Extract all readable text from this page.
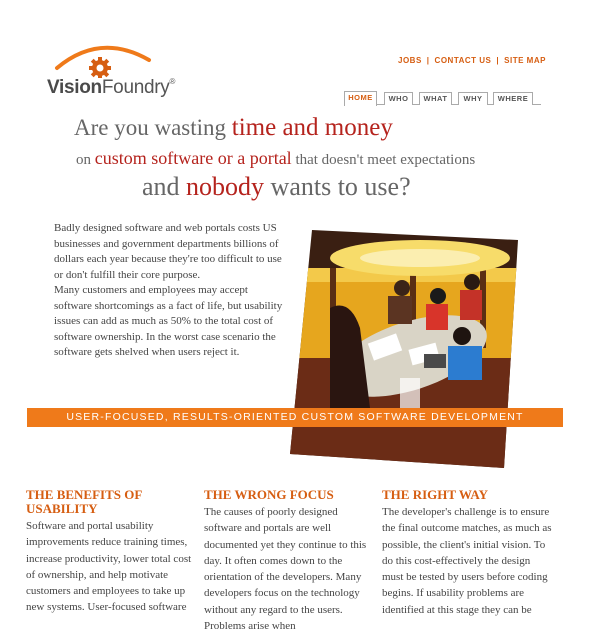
VisionFoundry®
JOBS | CONTACT US | SITE MAP
HOME	WHO	WHAT	WHY	WHERE
Are you wasting time and money
on custom software or a portal that doesn't meet expectations
and nobody wants to use?

Badly designed software and web portals costs US businesses and government departments billions of dollars each year because they're too difficult to use or don't fulfill their core purpose.

Many customers and employees may accept software shortcomings as a fact of life, but usability issues can add as much as 50% to the total cost of software ownership. In the worst case scenario the software gets shelved when users reject it.

USER-FOCUSED, RESULTS-ORIENTED CUSTOM SOFTWARE DEVELOPMENT
THE BENEFITS OF USABILITY
Software and portal usability improvements reduce training times, increase productivity, lower total cost of ownership, and help motivate customers and employees to take up new systems. User-focused software
THE WRONG FOCUS
The causes of poorly designed software and portals are well documented yet they continue to this day. It often comes down to the orientation of the developers. Many developers focus on the technology without any regard to the users. Problems arise when
THE RIGHT WAY
The developer's challenge is to ensure the final outcome matches, as much as possible, the client's initial vision. To do this cost-effectively the design must be tested by users before coding begins. If usability problems are identified at this stage they can be
